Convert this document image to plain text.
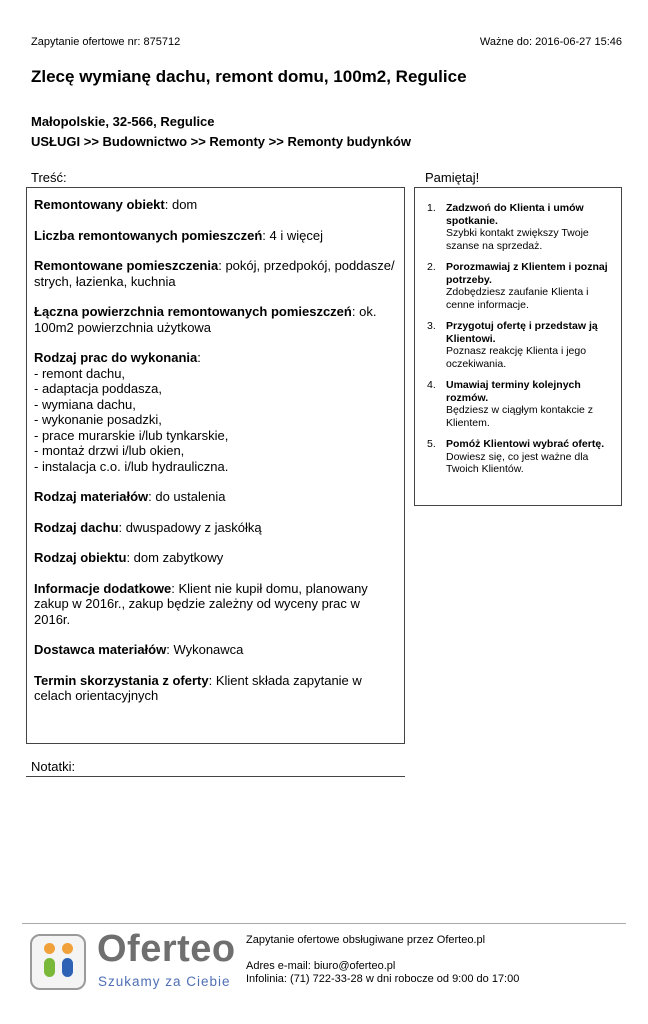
Zapytanie ofertowe nr: 875712	Ważne do: 2016-06-27 15:46
Zlecę wymianę dachu, remont domu, 100m2, Regulice
Małopolskie, 32-566, Regulice
USŁUGI >> Budownictwo >> Remonty >> Remonty budynków
Treść:
Remontowany obiekt: dom
Liczba remontowanych pomieszczeń: 4 i więcej
Remontowane pomieszczenia: pokój, przedpokój, poddasze/ strych, łazienka, kuchnia
Łączna powierzchnia remontowanych pomieszczeń: ok. 100m2 powierzchnia użytkowa
Rodzaj prac do wykonania:
- remont dachu,
- adaptacja poddasza,
- wymiana dachu,
- wykonanie posadzki,
- prace murarskie i/lub tynkarskie,
- montaż drzwi i/lub okien,
- instalacja c.o. i/lub hydrauliczna.
Rodzaj materiałów: do ustalenia
Rodzaj dachu: dwuspadowy z jaskółką
Rodzaj obiektu: dom zabytkowy
Informacje dodatkowe: Klient nie kupił domu, planowany zakup w 2016r., zakup będzie zależny od wyceny prac w 2016r.
Dostawca materiałów: Wykonawca
Termin skorzystania z oferty: Klient składa zapytanie w celach orientacyjnych
Pamiętaj!
1. Zadzwoń do Klienta i umów spotkanie.
Szybki kontakt zwiększy Twoje szanse na sprzedaż.
2. Porozmawiaj z Klientem i poznaj potrzeby.
Zdobędziesz zaufanie Klienta i cenne informacje.
3. Przygotuj ofertę i przedstaw ją Klientowi.
Poznasz reakcję Klienta i jego oczekiwania.
4. Umawiaj terminy kolejnych rozmów.
Będziesz w ciągłym kontakcie z Klientem.
5. Pomóż Klientowi wybrać ofertę.
Dowiesz się, co jest ważne dla Twoich Klientów.
Notatki:
Oferteo
Szukamy za Ciebie
Zapytanie ofertowe obsługiwane przez Oferteo.pl
Adres e-mail: biuro@oferteo.pl
Infolinia: (71) 722-33-28 w dni robocze od 9:00 do 17:00
